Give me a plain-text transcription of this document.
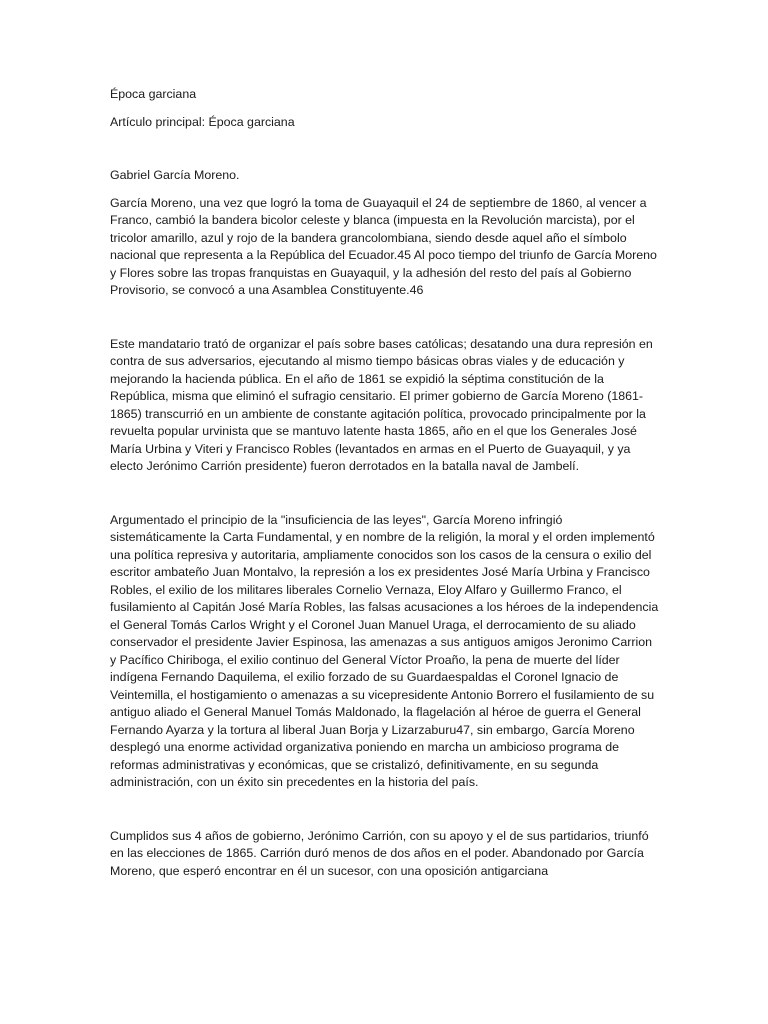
Época garciana

Artículo principal: Época garciana

Gabriel García Moreno.

García Moreno, una vez que logró la toma de Guayaquil el 24 de septiembre de 1860, al vencer a Franco, cambió la bandera bicolor celeste y blanca (impuesta en la Revolución marcista), por el tricolor amarillo, azul y rojo de la bandera grancolombiana, siendo desde aquel año el símbolo nacional que representa a la República del Ecuador.45 Al poco tiempo del triunfo de García Moreno y Flores sobre las tropas franquistas en Guayaquil, y la adhesión del resto del país al Gobierno Provisorio, se convocó a una Asamblea Constituyente.46

Este mandatario trató de organizar el país sobre bases católicas; desatando una dura represión en contra de sus adversarios, ejecutando al mismo tiempo básicas obras viales y de educación y mejorando la hacienda pública. En el año de 1861 se expidió la séptima constitución de la República, misma que eliminó el sufragio censitario. El primer gobierno de García Moreno (1861-1865) transcurrió en un ambiente de constante agitación política, provocado principalmente por la revuelta popular urvinista que se mantuvo latente hasta 1865, año en el que los Generales José María Urbina y Viteri y Francisco Robles (levantados en armas en el Puerto de Guayaquil, y ya electo Jerónimo Carrión presidente) fueron derrotados en la batalla naval de Jambelí.

Argumentado el principio de la "insuficiencia de las leyes", García Moreno infringió sistemáticamente la Carta Fundamental, y en nombre de la religión, la moral y el orden implementó una política represiva y autoritaria, ampliamente conocidos son los casos de la censura o exilio del escritor ambateño Juan Montalvo, la represión a los ex presidentes José María Urbina y Francisco Robles, el exilio de los militares liberales Cornelio Vernaza, Eloy Alfaro y Guillermo Franco, el fusilamiento al Capitán José María Robles, las falsas acusaciones a los héroes de la independencia el General Tomás Carlos Wright y el Coronel Juan Manuel Uraga, el derrocamiento de su aliado conservador el presidente Javier Espinosa, las amenazas a sus antiguos amigos Jeronimo Carrion y Pacífico Chiriboga, el exilio continuo del General Víctor Proaño, la pena de muerte del líder indígena Fernando Daquilema, el exilio forzado de su Guardaespaldas el Coronel Ignacio de Veintemilla, el hostigamiento o amenazas a su vicepresidente Antonio Borrero el fusilamiento de su antiguo aliado el General Manuel Tomás Maldonado, la flagelación al héroe de guerra el General Fernando Ayarza y la tortura al liberal Juan Borja y Lizarzaburu47, sin embargo, García Moreno desplegó una enorme actividad organizativa poniendo en marcha un ambicioso programa de reformas administrativas y económicas, que se cristalizó, definitivamente, en su segunda administración, con un éxito sin precedentes en la historia del país.

Cumplidos sus 4 años de gobierno, Jerónimo Carrión, con su apoyo y el de sus partidarios, triunfó en las elecciones de 1865. Carrión duró menos de dos años en el poder. Abandonado por García Moreno, que esperó encontrar en él un sucesor, con una oposición antigarciana
